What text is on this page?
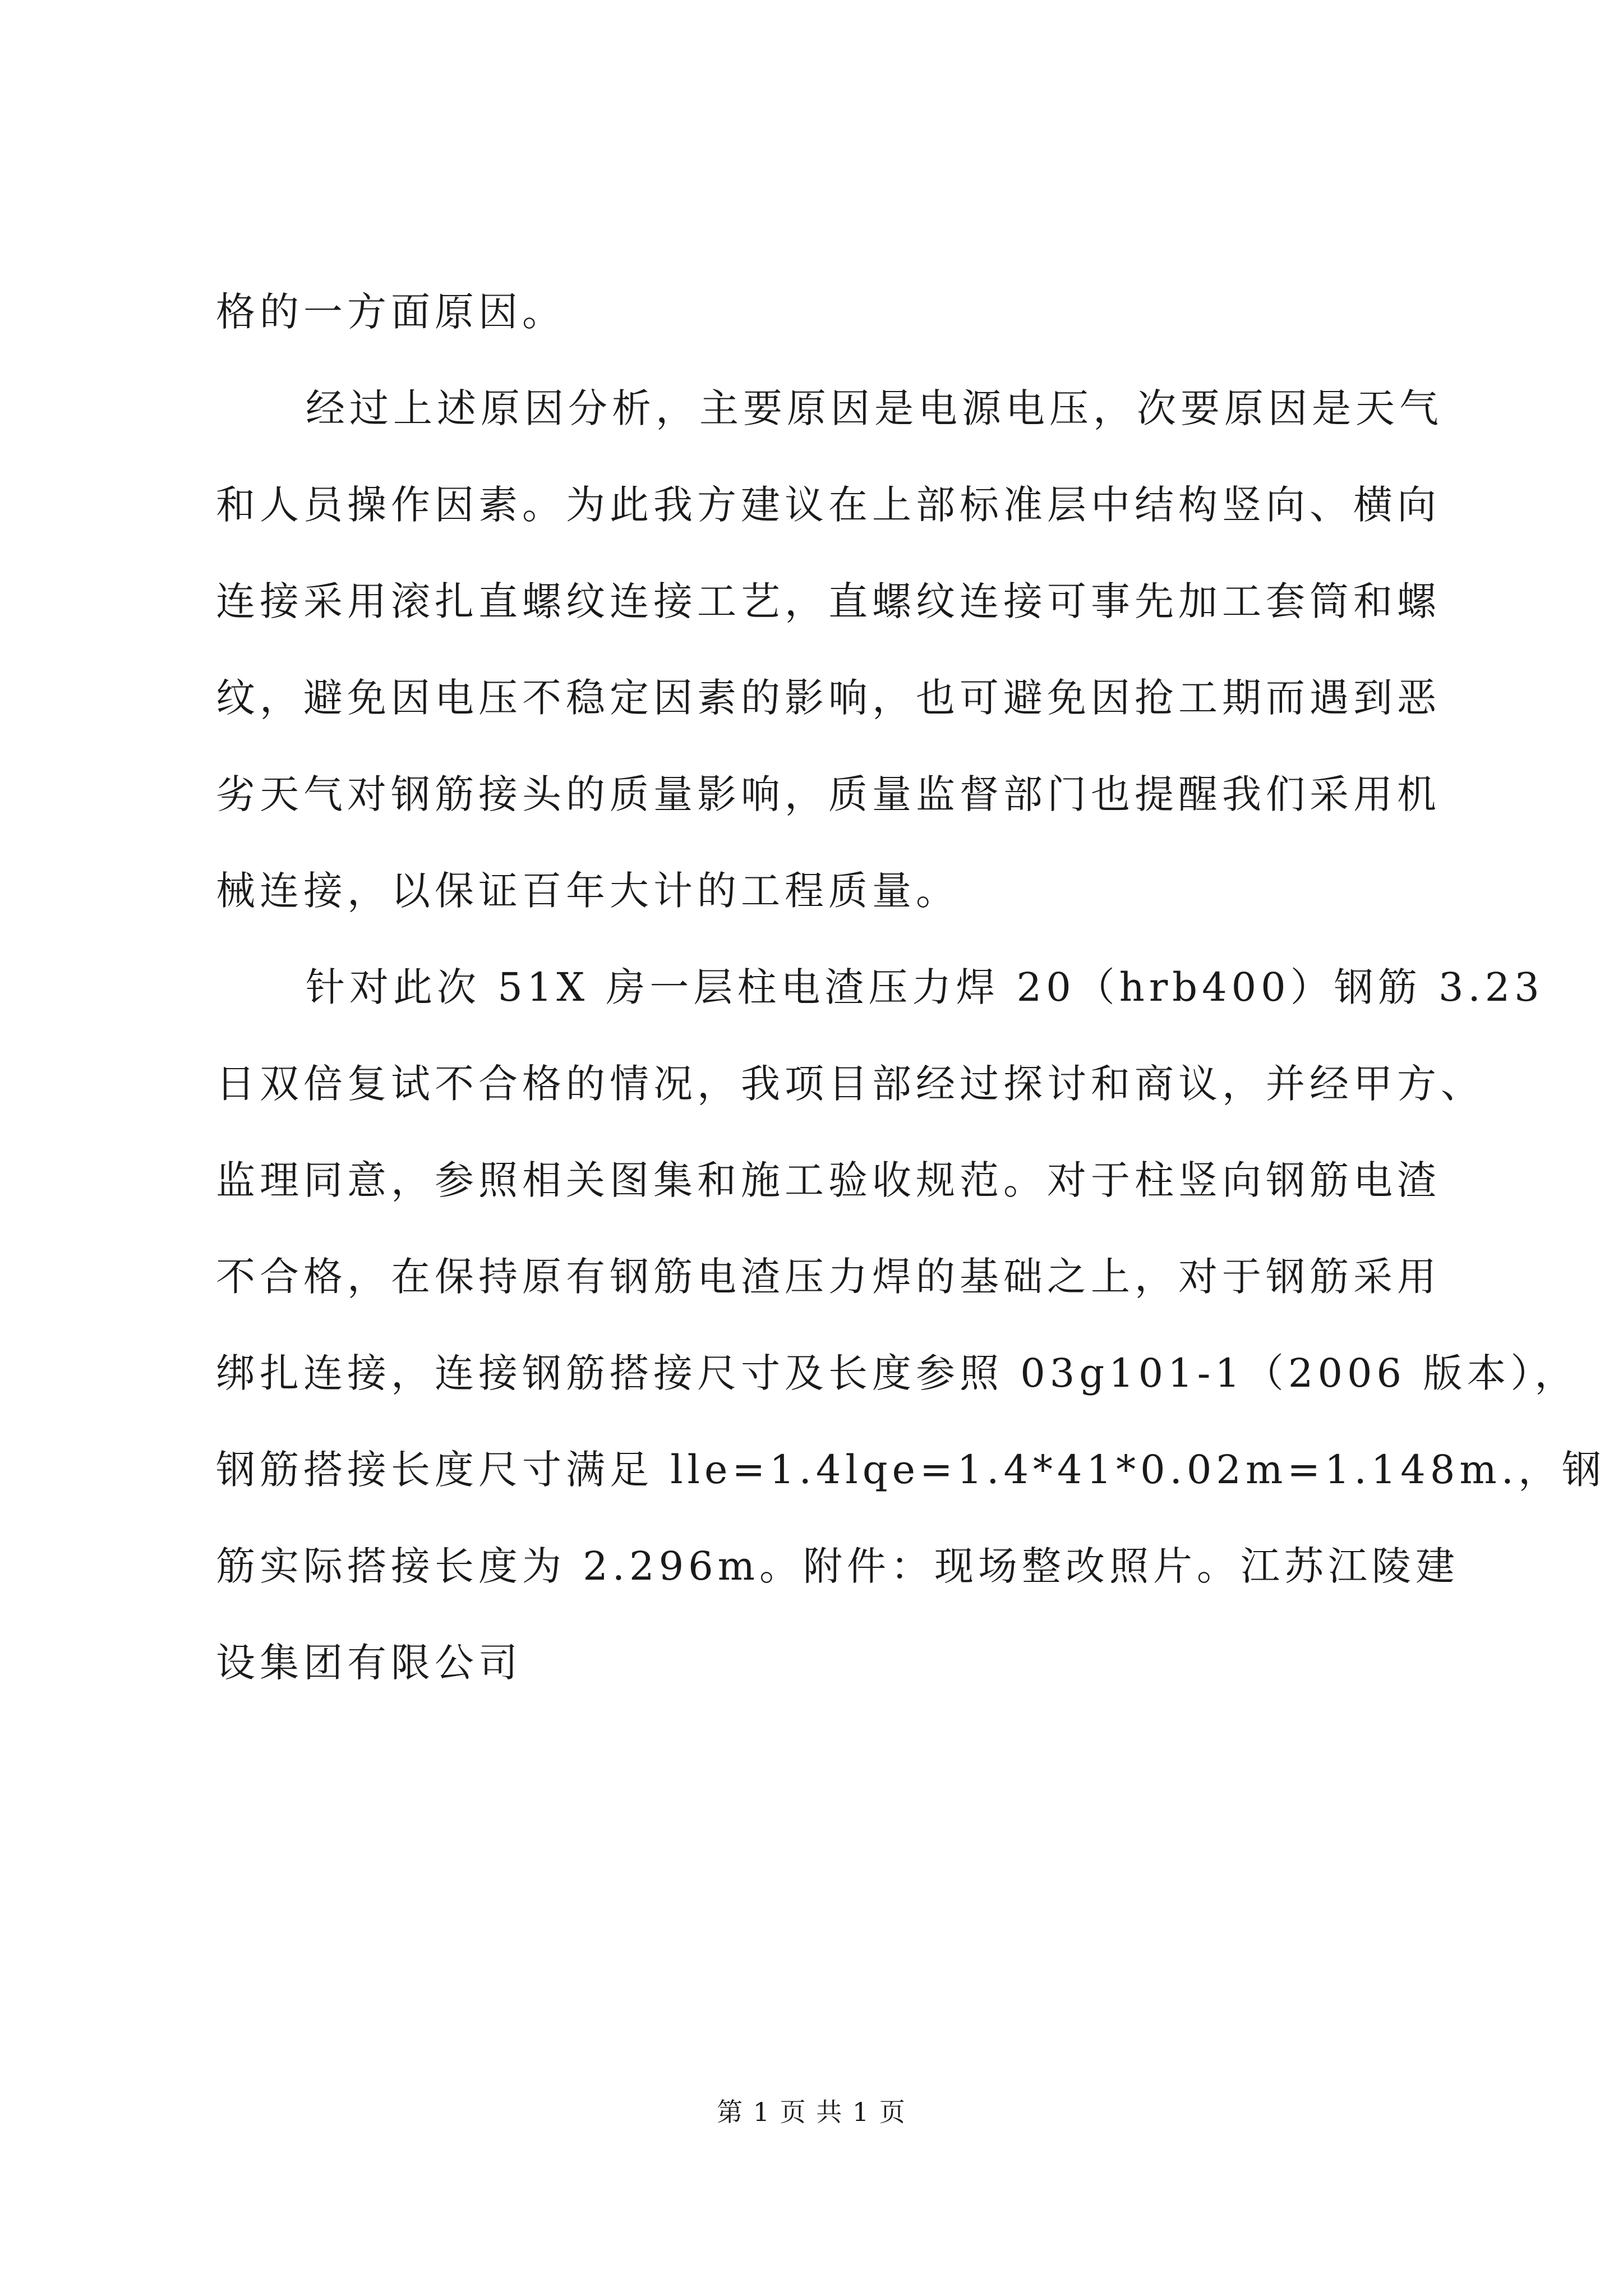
格的一方面原因。
经过上述原因分析，主要原因是电源电压，次要原因是天气
和人员操作因素。为此我方建议在上部标准层中结构竖向、横向
连接采用滚扎直螺纹连接工艺，直螺纹连接可事先加工套筒和螺
纹，避免因电压不稳定因素的影响，也可避免因抢工期而遇到恶
劣天气对钢筋接头的质量影响，质量监督部门也提醒我们采用机
械连接，以保证百年大计的工程质量。
针对此次 51X 房一层柱电渣压力焊 20（hrb400）钢筋 3.23
日双倍复试不合格的情况，我项目部经过探讨和商议，并经甲方、
监理同意，参照相关图集和施工验收规范。对于柱竖向钢筋电渣
不合格，在保持原有钢筋电渣压力焊的基础之上，对于钢筋采用
绑扎连接，连接钢筋搭接尺寸及长度参照 03g101-1（2006 版本），
钢筋搭接长度尺寸满足 lle=1.4lqe=1.4*41*0.02m=1.148m.，钢
筋实际搭接长度为 2.296m。附件：现场整改照片。江苏江陵建
设集团有限公司
第 1 页 共 1 页
